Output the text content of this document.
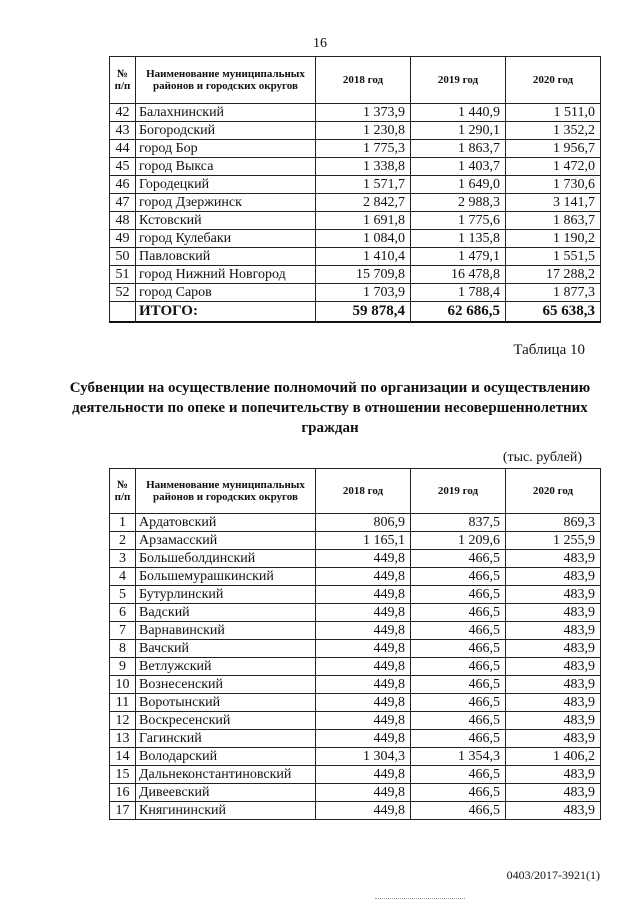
16
№ п/п	Наименование муниципальных районов и городских округов	2018 год	2019 год	2020 год
42	Балахнинский	1 373,9	1 440,9	1 511,0
43	Богородский	1 230,8	1 290,1	1 352,2
44	город Бор	1 775,3	1 863,7	1 956,7
45	город Выкса	1 338,8	1 403,7	1 472,0
46	Городецкий	1 571,7	1 649,0	1 730,6
47	город Дзержинск	2 842,7	2 988,3	3 141,7
48	Кстовский	1 691,8	1 775,6	1 863,7
49	город Кулебаки	1 084,0	1 135,8	1 190,2
50	Павловский	1 410,4	1 479,1	1 551,5
51	город Нижний Новгород	15 709,8	16 478,8	17 288,2
52	город Саров	1 703,9	1 788,4	1 877,3
	ИТОГО:	59 878,4	62 686,5	65 638,3
Таблица 10
Субвенции на осуществление полномочий по организации и осуществлению деятельности по опеке и попечительству в отношении несовершеннолетних граждан
(тыс. рублей)
№ п/п	Наименование муниципальных районов и городских округов	2018 год	2019 год	2020 год
1	Ардатовский	806,9	837,5	869,3
2	Арзамасский	1 165,1	1 209,6	1 255,9
3	Большеболдинский	449,8	466,5	483,9
4	Большемурашкинский	449,8	466,5	483,9
5	Бутурлинский	449,8	466,5	483,9
6	Вадский	449,8	466,5	483,9
7	Варнавинский	449,8	466,5	483,9
8	Вачский	449,8	466,5	483,9
9	Ветлужский	449,8	466,5	483,9
10	Вознесенский	449,8	466,5	483,9
11	Воротынский	449,8	466,5	483,9
12	Воскресенский	449,8	466,5	483,9
13	Гагинский	449,8	466,5	483,9
14	Володарский	1 304,3	1 354,3	1 406,2
15	Дальнеконстантиновский	449,8	466,5	483,9
16	Дивеевский	449,8	466,5	483,9
17	Княгининский	449,8	466,5	483,9
0403/2017-3921(1)
